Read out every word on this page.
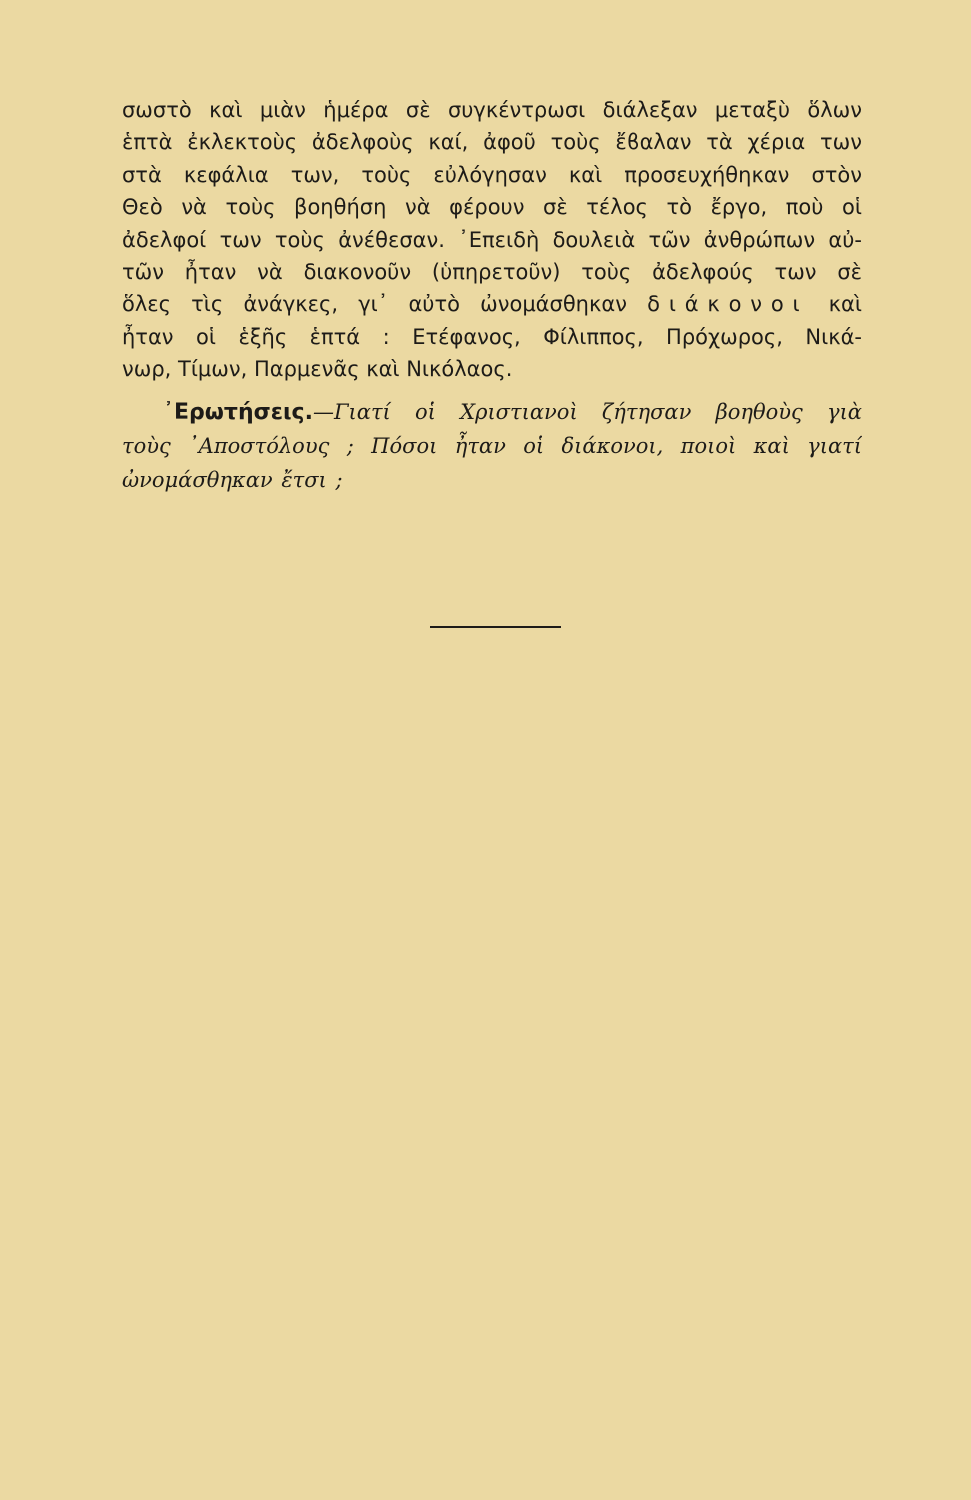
σωστὸ καὶ μιὰν ἡμέρα σὲ συγκέντρωσι διάλεξαν μεταξὺ ὅλων
ἑπτὰ ἐκλεκτοὺς ἀδελφοὺς καί, ἀφοῦ τοὺς ἔϐαλαν τὰ χέρια των
στὰ κεφάλια των, τοὺς εὐλόγησαν καὶ προσευχήθηκαν στὸν
Θεὸ νὰ τοὺς βοηθήση νὰ φέρουν σὲ τέλος τὸ ἔργο, ποὺ οἱ
ἀδελφοί των τοὺς ἀνέθεσαν. ᾿Επειδὴ δουλειὰ τῶν ἀνθρώπων αὐ-
τῶν ἦταν νὰ διακονοῦν (ὑπηρετοῦν) τοὺς ἀδελφούς των σὲ
ὅλες τὶς ἀνάγκες, γι᾿ αὐτὸ ὠνομάσθηκαν διάκονοι καὶ
ἦταν οἱ ἑξῆς ἑπτά : Ετέφανος, Φίλιππος, Πρόχωρος, Νικά-
νωρ, Τίμων, Παρμενᾶς καὶ Νικόλαος.
᾿Ερωτήσεις.—Γιατί οἱ Χριστιανοὶ ζήτησαν βοηθοὺς γιὰ
τοὺς ᾿Αποστόλους ; Πόσοι ἦταν οἱ διάκονοι, ποιοὶ καὶ γιατί
ὠνομάσθηκαν ἔτσι ;
